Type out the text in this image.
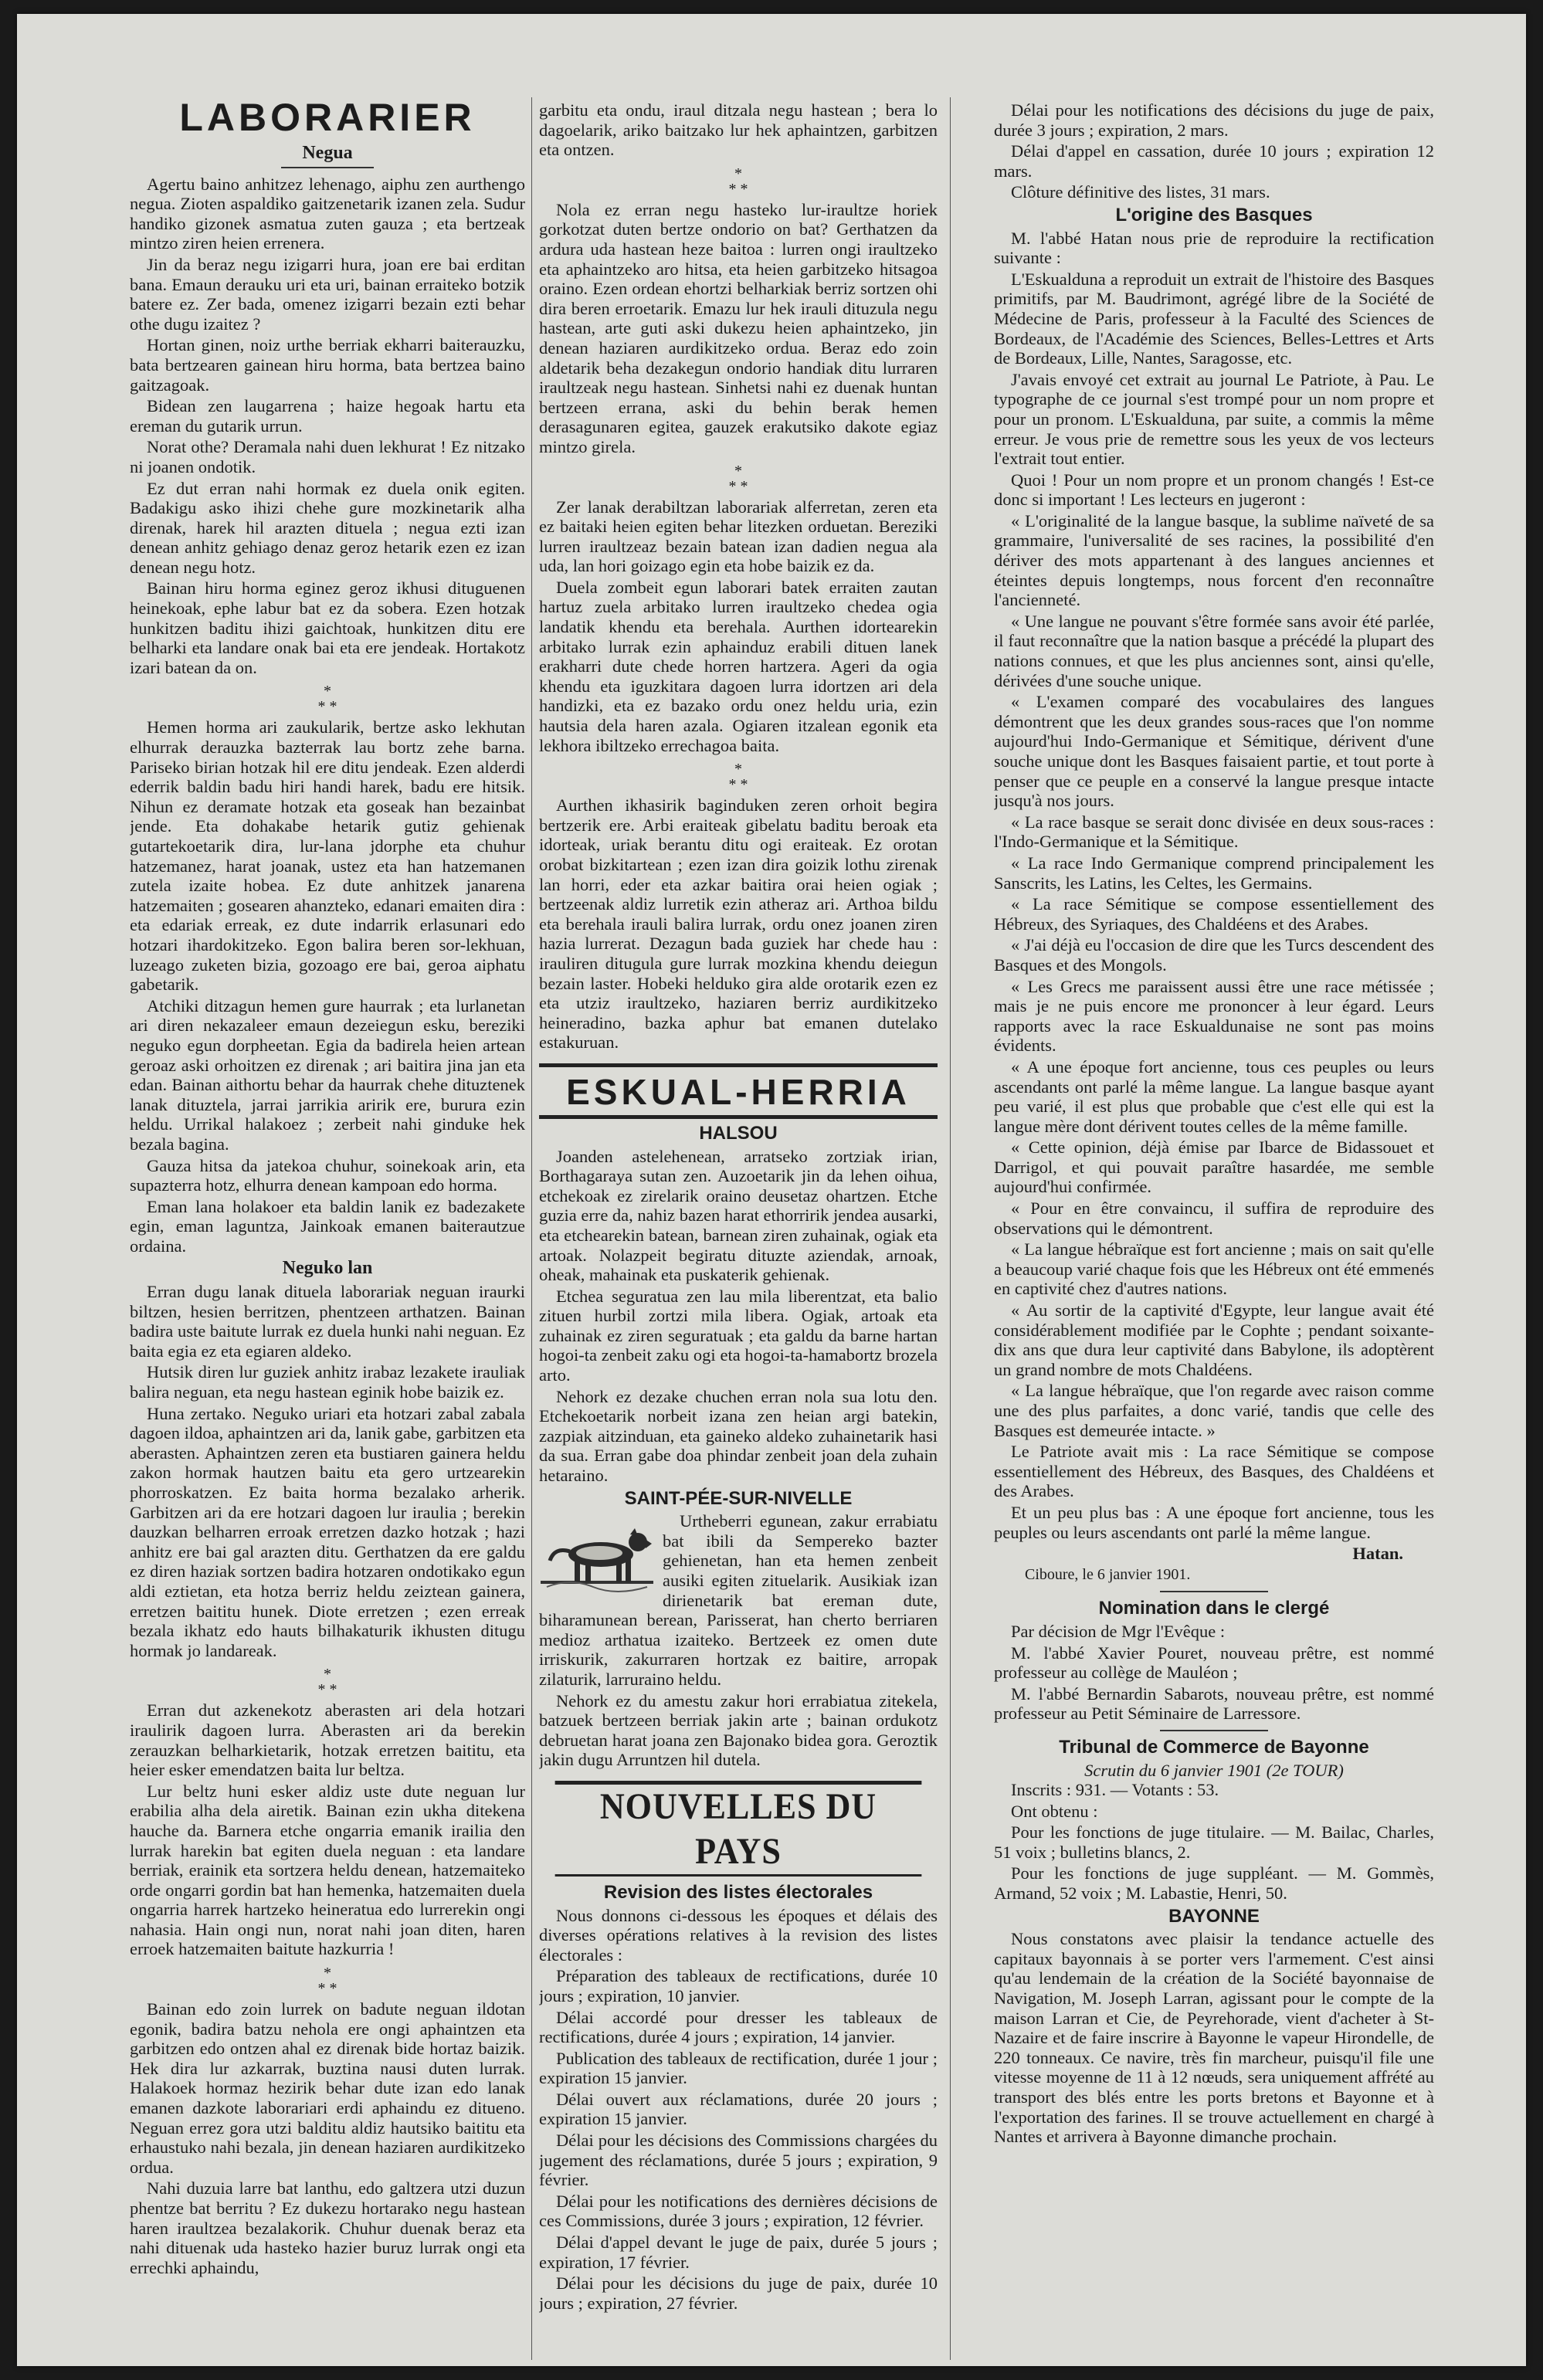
LABORARIER
Negua

Agertu baino anhitzez lehenago, aiphu zen aurthengo negua. Zioten aspaldiko gaitzenetarik izanen zela. Sudur handiko gizonek asmatua zuten gauza ; eta bertzeak mintzo ziren heien errenera.

Jin da beraz negu izigarri hura, joan ere bai erditan bana. Emaun derauku uri eta uri, bainan erraiteko botzik batere ez. Zer bada, omenez izigarri bezain ezti behar othe dugu izaitez ?

Hortan ginen, noiz urthe berriak ekharri baiterauzku, bata bertzearen gainean hiru horma, bata bertzea baino gaitzagoak.

Bidean zen laugarrena ; haize hegoak hartu eta ereman du gutarik urrun.

Norat othe? Deramala nahi duen lekhurat ! Ez nitzako ni joanen ondotik.

Ez dut erran nahi hormak ez duela onik egiten. Badakigu asko ihizi chehe gure mozkinetarik alha direnak, harek hil arazten dituela ; negua ezti izan denean anhitz gehiago denaz geroz hetarik ezen ez izan denean negu hotz.

Bainan hiru horma eginez geroz ikhusi dituguenen heinekoak, ephe labur bat ez da sobera. Ezen hotzak hunkitzen baditu ihizi gaichtoak, hunkitzen ditu ere belharki eta landare onak bai eta ere jendeak. Hortakotz izari batean da on.

*
* *

Hemen horma ari zaukularik, bertze asko lekhutan elhurrak derauzka bazterrak lau bortz zehe barna. Pariseko birian hotzak hil ere ditu jendeak. Ezen alderdi ederrik baldin badu hiri handi harek, badu ere hitsik. Nihun ez deramate hotzak eta goseak han bezainbat jende. Eta dohakabe hetarik gutiz gehienak gutartekoetarik dira, lur-lana jdorphe eta chuhur hatzemanez, harat joanak, ustez eta han hatzemanen zutela izaite hobea. Ez dute anhitzek janarena hatzemaiten ; gosearen ahanzteko, edanari emaiten dira : eta edariak erreak, ez dute indarrik erlasunari edo hotzari ihardokitzeko. Egon balira beren sor-lekhuan, luzeago zuketen bizia, gozoago ere bai, geroa aiphatu gabetarik.

Atchiki ditzagun hemen gure haurrak ; eta lurlanetan ari diren nekazaleer emaun dezeiegun esku, bereziki neguko egun dorpheetan. Egia da badirela heien artean geroaz aski orhoitzen ez direnak ; ari baitira jina jan eta edan. Bainan aithortu behar da haurrak chehe dituztenek lanak dituztela, jarrai jarrikia aririk ere, burura ezin heldu. Urrikal halakoez ; zerbeit nahi ginduke hek bezala bagina.

Gauza hitsa da jatekoa chuhur, soinekoak arin, eta supazterra hotz, elhurra denean kampoan edo horma.

Eman lana holakoer eta baldin lanik ez badezakete egin, eman laguntza, Jainkoak emanen baiterautzue ordaina.

Neguko lan

Erran dugu lanak dituela laborariak neguan iraurki biltzen, hesien berritzen, phentzeen arthatzen. Bainan badira uste baitute lurrak ez duela hunki nahi neguan. Ez baita egia ez eta egiaren aldeko.

Hutsik diren lur guziek anhitz irabaz lezakete irauliak balira neguan, eta negu hastean eginik hobe baizik ez.

Huna zertako. Neguko uriari eta hotzari zabal zabala dagoen ildoa, aphaintzen ari da, lanik gabe, garbitzen eta aberasten. Aphaintzen zeren eta bustiaren gainera heldu zakon hormak hautzen baitu eta gero urtzearekin phorroskatzen. Ez baita horma bezalako arherik. Garbitzen ari da ere hotzari dagoen lur iraulia ; berekin dauzkan belharren erroak erretzen dazko hotzak ; hazi anhitz ere bai gal arazten ditu. Gerthatzen da ere galdu ez diren haziak sortzen badira hotzaren ondotikako egun aldi eztietan, eta hotza berriz heldu zeiztean gainera, erretzen baititu hunek. Diote erretzen ; ezen erreak bezala ikhatz edo hauts bilhakaturik ikhusten ditugu hormak jo landareak.

*
* *

Erran dut azkenekotz aberasten ari dela hotzari iraulirik dagoen lurra. Aberasten ari da berekin zerauzkan belharkietarik, hotzak erretzen baititu, eta heier esker emendatzen baita lur beltza.

Lur beltz huni esker aldiz uste dute neguan lur erabilia alha dela airetik. Bainan ezin ukha ditekena hauche da. Barnera etche ongarria emanik irailia den lurrak harekin bat egiten duela neguan : eta landare berriak, erainik eta sortzera heldu denean, hatzemaiteko orde ongarri gordin bat han hemenka, hatzemaiten duela ongarria harrek hartzeko heineratua edo lurrerekin ongi nahasia. Hain ongi nun, norat nahi joan diten, haren erroek hatzemaiten baitute hazkurria !

*
* *

Bainan edo zoin lurrek on badute neguan ildotan egonik, badira batzu nehola ere ongi aphaintzen eta garbitzen edo ontzen ahal ez direnak bide hortaz baizik. Hek dira lur azkarrak, buztina nausi duten lurrak. Halakoek hormaz hezirik behar dute izan edo lanak emanen dazkote laborariari erdi aphaindu ez ditueno. Neguan errez gora utzi balditu aldiz hautsiko baititu eta erhaustuko nahi bezala, jin denean haziaren aurdikitzeko ordua.

Nahi duzuia larre bat lanthu, edo galtzera utzi duzun phentze bat berritu ? Ez dukezu hortarako negu hastean haren iraultzea bezalakorik. Chuhur duenak beraz eta nahi dituenak uda hasteko hazier buruz lurrak ongi eta errechki aphaindu,

garbitu eta ondu, iraul ditzala negu hastean ; bera lo dagoelarik, ariko baitzako lur hek aphaintzen, garbitzen eta ontzen.

*
* *

Nola ez erran negu hasteko lur-iraultze horiek gorkotzat duten bertze ondorio on bat? Gerthatzen da ardura uda hastean heze baitoa : lurren ongi iraultzeko eta aphaintzeko aro hitsa, eta heien garbitzeko hitsagoa oraino. Ezen ordean ehortzi belharkiak berriz sortzen ohi dira beren erroetarik. Emazu lur hek irauli dituzula negu hastean, arte guti aski dukezu heien aphaintzeko, jin denean haziaren aurdikitzeko ordua. Beraz edo zoin aldetarik beha dezakegun ondorio handiak ditu lurraren iraultzeak negu hastean. Sinhetsi nahi ez duenak huntan bertzeen errana, aski du behin berak hemen derasagunaren egitea, gauzek erakutsiko dakote egiaz mintzo girela.

*
* *

Zer lanak derabiltzan laborariak alferretan, zeren eta ez baitaki heien egiten behar litezken orduetan. Bereziki lurren iraultzeaz bezain batean izan dadien negua ala uda, lan hori goizago egin eta hobe baizik ez da.

Duela zombeit egun laborari batek erraiten zautan hartuz zuela arbitako lurren iraultzeko chedea ogia landatik khendu eta berehala. Aurthen idortearekin arbitako lurrak ezin aphainduz erabili dituen lanek erakharri dute chede horren hartzera. Ageri da ogia khendu eta iguzkitara dagoen lurra idortzen ari dela handizki, eta ez bazako ordu onez heldu uria, ezin hautsia dela haren azala. Ogiaren itzalean egonik eta lekhora ibiltzeko errechagoa baita.

*
* *

Aurthen ikhasirik baginduken zeren orhoit begira bertzerik ere. Arbi eraiteak gibelatu baditu beroak eta idorteak, uriak berantu ditu ogi eraiteak. Ez orotan orobat bizkitartean ; ezen izan dira goizik lothu zirenak lan horri, eder eta azkar baitira orai heien ogiak ; bertzeenak aldiz lurretik ezin atheraz ari. Arthoa bildu eta berehala irauli balira lurrak, ordu onez joanen ziren hazia lurrerat. Dezagun bada guziek har chede hau : irauliren ditugula gure lurrak mozkina khendu deiegun bezain laster. Hobeki helduko gira alde orotarik ezen ez eta utziz iraultzeko, haziaren berriz aurdikitzeko heineradino, bazka aphur bat emanen dutelako estakuruan.

ESKUAL-HERRIA
HALSOU

Joanden astelehenean, arratseko zortziak irian, Borthagaraya sutan zen. Auzoetarik jin da lehen oihua, etchekoak ez zirelarik oraino deusetaz ohartzen. Etche guzia erre da, nahiz bazen harat ethorririk jendea ausarki, eta etchearekin batean, barnean ziren zuhainak, ogiak eta artoak. Nolazpeit begiratu dituzte aziendak, arnoak, oheak, mahainak eta puskaterik gehienak.

Etchea seguratua zen lau mila liberentzat, eta balio zituen hurbil zortzi mila libera. Ogiak, artoak eta zuhainak ez ziren seguratuak ; eta galdu da barne hartan hogoi-ta zenbeit zaku ogi eta hogoi-ta-hamabortz brozela arto.

Nehork ez dezake chuchen erran nola sua lotu den. Etchekoetarik norbeit izana zen heian argi batekin, zazpiak aitzinduan, eta gaineko aldeko zuhainetarik hasi da sua. Erran gabe doa phindar zenbeit joan dela zuhain hetaraino.

SAINT-PÉE-SUR-NIVELLE

Urtheberri egunean, zakur errabiatu bat ibili da Sempereko bazter gehienetan, han eta hemen zenbeit ausiki egiten zituelarik. Ausikiak izan dirienetarik bat ereman dute, biharamunean berean, Parisserat, han cherto berriaren medioz arthatua izaiteko. Bertzeek ez omen dute irriskurik, zakurraren hortzak ez baitire, arropak zilaturik, larruraino heldu.

Nehork ez du amestu zakur hori errabiatua zitekela, batzuek bertzeen berriak jakin arte ; bainan ordukotz debruetan harat joana zen Bajonako bidea gora. Geroztik jakin dugu Arruntzen hil dutela.

NOUVELLES DU PAYS
Revision des listes électorales

Nous donnons ci-dessous les époques et délais des diverses opérations relatives à la revision des listes électorales :

Préparation des tableaux de rectifications, durée 10 jours ; expiration, 10 janvier.

Délai accordé pour dresser les tableaux de rectifications, durée 4 jours ; expiration, 14 janvier.

Publication des tableaux de rectification, durée 1 jour ; expiration 15 janvier.

Délai ouvert aux réclamations, durée 20 jours ; expiration 15 janvier.

Délai pour les décisions des Commissions chargées du jugement des réclamations, durée 5 jours ; expiration, 9 février.

Délai pour les notifications des dernières décisions de ces Commissions, durée 3 jours ; expiration, 12 février.

Délai d'appel devant le juge de paix, durée 5 jours ; expiration, 17 février.

Délai pour les décisions du juge de paix, durée 10 jours ; expiration, 27 février.

Délai pour les notifications des décisions du juge de paix, durée 3 jours ; expiration, 2 mars.

Délai d'appel en cassation, durée 10 jours ; expiration 12 mars.

Clôture définitive des listes, 31 mars.

L'origine des Basques

M. l'abbé Hatan nous prie de reproduire la rectification suivante :

L'Eskualduna a reproduit un extrait de l'histoire des Basques primitifs, par M. Baudrimont, agrégé libre de la Société de Médecine de Paris, professeur à la Faculté des Sciences de Bordeaux, de l'Académie des Sciences, Belles-Lettres et Arts de Bordeaux, Lille, Nantes, Saragosse, etc.

J'avais envoyé cet extrait au journal Le Patriote, à Pau. Le typographe de ce journal s'est trompé pour un nom propre et pour un pronom. L'Eskualduna, par suite, a commis la même erreur. Je vous prie de remettre sous les yeux de vos lecteurs l'extrait tout entier.

Quoi ! Pour un nom propre et un pronom changés ! Est-ce donc si important ! Les lecteurs en jugeront :

« L'originalité de la langue basque, la sublime naïveté de sa grammaire, l'universalité de ses racines, la possibilité d'en dériver des mots appartenant à des langues anciennes et éteintes depuis longtemps, nous forcent d'en reconnaître l'ancienneté.

« Une langue ne pouvant s'être formée sans avoir été parlée, il faut reconnaître que la nation basque a précédé la plupart des nations connues, et que les plus anciennes sont, ainsi qu'elle, dérivées d'une souche unique.

« L'examen comparé des vocabulaires des langues démontrent que les deux grandes sous-races que l'on nomme aujourd'hui Indo-Germanique et Sémitique, dérivent d'une souche unique dont les Basques faisaient partie, et tout porte à penser que ce peuple en a conservé la langue presque intacte jusqu'à nos jours.

« La race basque se serait donc divisée en deux sous-races : l'Indo-Germanique et la Sémitique.

« La race Indo Germanique comprend principalement les Sanscrits, les Latins, les Celtes, les Germains.

« La race Sémitique se compose essentiellement des Hébreux, des Syriaques, des Chaldéens et des Arabes.

« J'ai déjà eu l'occasion de dire que les Turcs descendent des Basques et des Mongols.

« Les Grecs me paraissent aussi être une race métissée ; mais je ne puis encore me prononcer à leur égard. Leurs rapports avec la race Eskualdunaise ne sont pas moins évidents.

« A une époque fort ancienne, tous ces peuples ou leurs ascendants ont parlé la même langue. La langue basque ayant peu varié, il est plus que probable que c'est elle qui est la langue mère dont dérivent toutes celles de la même famille.

« Cette opinion, déjà émise par Ibarce de Bidassouet et Darrigol, et qui pouvait paraître hasardée, me semble aujourd'hui confirmée.

« Pour en être convaincu, il suffira de reproduire des observations qui le démontrent.

« La langue hébraïque est fort ancienne ; mais on sait qu'elle a beaucoup varié chaque fois que les Hébreux ont été emmenés en captivité chez d'autres nations.

« Au sortir de la captivité d'Egypte, leur langue avait été considérablement modifiée par le Cophte ; pendant soixante-dix ans que dura leur captivité dans Babylone, ils adoptèrent un grand nombre de mots Chaldéens.

« La langue hébraïque, que l'on regarde avec raison comme une des plus parfaites, a donc varié, tandis que celle des Basques est demeurée intacte. »

Le Patriote avait mis : La race Sémitique se compose essentiellement des Hébreux, des Basques, des Chaldéens et des Arabes.

Et un peu plus bas : A une époque fort ancienne, tous les peuples ou leurs ascendants ont parlé la même langue.

Hatan.
Ciboure, le 6 janvier 1901.
Nomination dans le clergé

Par décision de Mgr l'Evêque :

M. l'abbé Xavier Pouret, nouveau prêtre, est nommé professeur au collège de Mauléon ;

M. l'abbé Bernardin Sabarots, nouveau prêtre, est nommé professeur au Petit Séminaire de Larressore.

Tribunal de Commerce de Bayonne
Scrutin du 6 janvier 1901 (2e TOUR)

Inscrits : 931. — Votants : 53.

Ont obtenu :

Pour les fonctions de juge titulaire. — M. Bailac, Charles, 51 voix ; bulletins blancs, 2.

Pour les fonctions de juge suppléant. — M. Gommès, Armand, 52 voix ; M. Labastie, Henri, 50.

BAYONNE

Nous constatons avec plaisir la tendance actuelle des capitaux bayonnais à se porter vers l'armement. C'est ainsi qu'au lendemain de la création de la Société bayonnaise de Navigation, M. Joseph Larran, agissant pour le compte de la maison Larran et Cie, de Peyrehorade, vient d'acheter à St-Nazaire et de faire inscrire à Bayonne le vapeur Hirondelle, de 220 tonneaux. Ce navire, très fin marcheur, puisqu'il file une vitesse moyenne de 11 à 12 nœuds, sera uniquement affrété au transport des blés entre les ports bretons et Bayonne et à l'exportation des farines. Il se trouve actuellement en chargé à Nantes et arrivera à Bayonne dimanche prochain.
